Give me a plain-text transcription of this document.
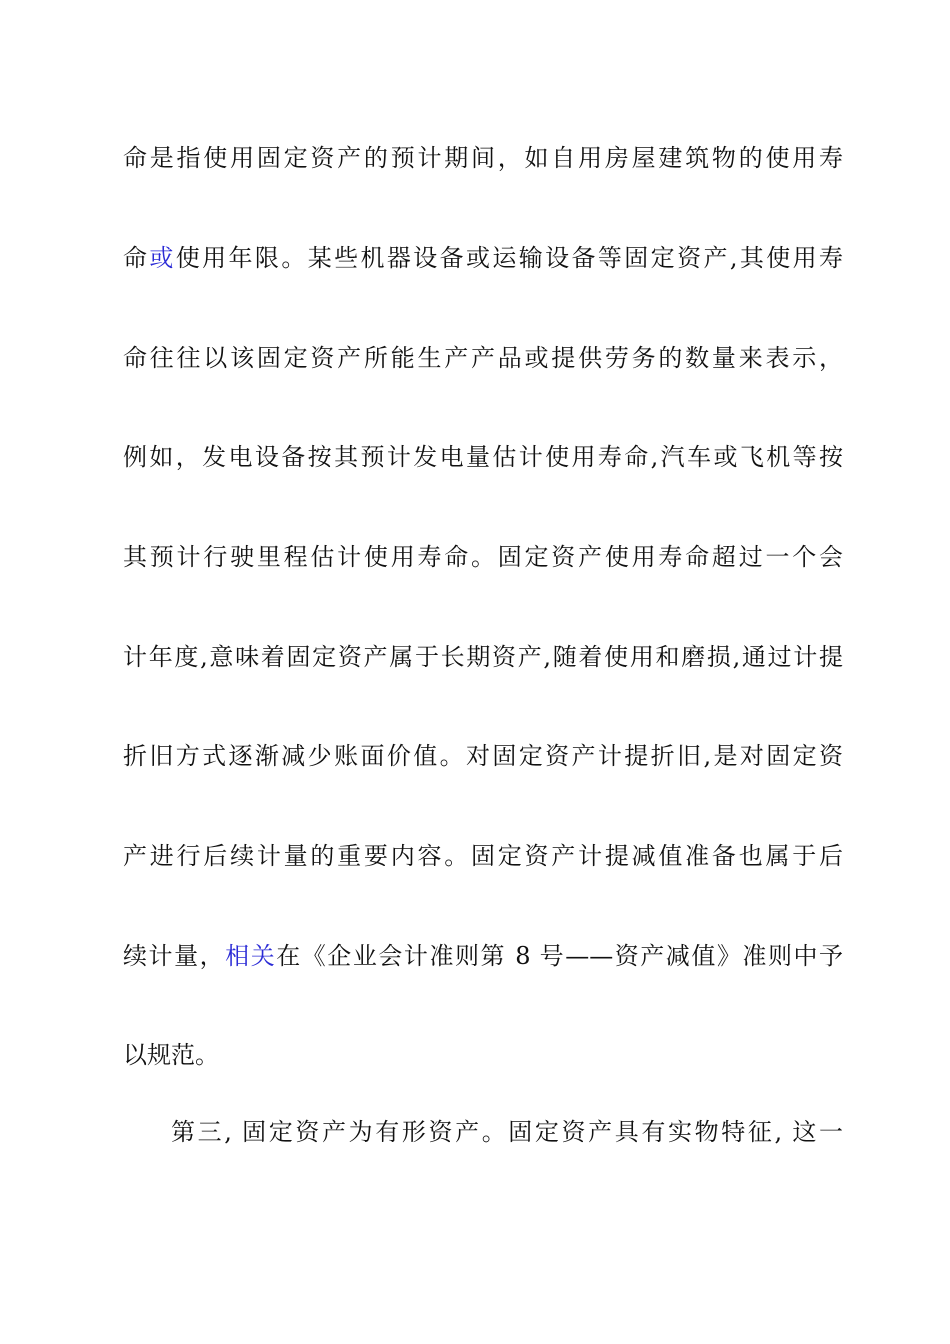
命是指使用固定资产的预计期间，如自用房屋建筑物的使用寿
命或使用年限。某些机器设备或运输设备等固定资产,其使用寿
命往往以该固定资产所能生产产品或提供劳务的数量来表示，
例如，发电设备按其预计发电量估计使用寿命,汽车或飞机等按
其预计行驶里程估计使用寿命。固定资产使用寿命超过一个会
计年度,意味着固定资产属于长期资产,随着使用和磨损,通过计提
折旧方式逐渐减少账面价值。对固定资产计提折旧,是对固定资
产进行后续计量的重要内容。固定资产计提减值准备也属于后
续计量，相关在《企业会计准则第 8 号——资产减值》准则中予
以规范。
第三, 固定资产为有形资产。固定资产具有实物特征, 这一
